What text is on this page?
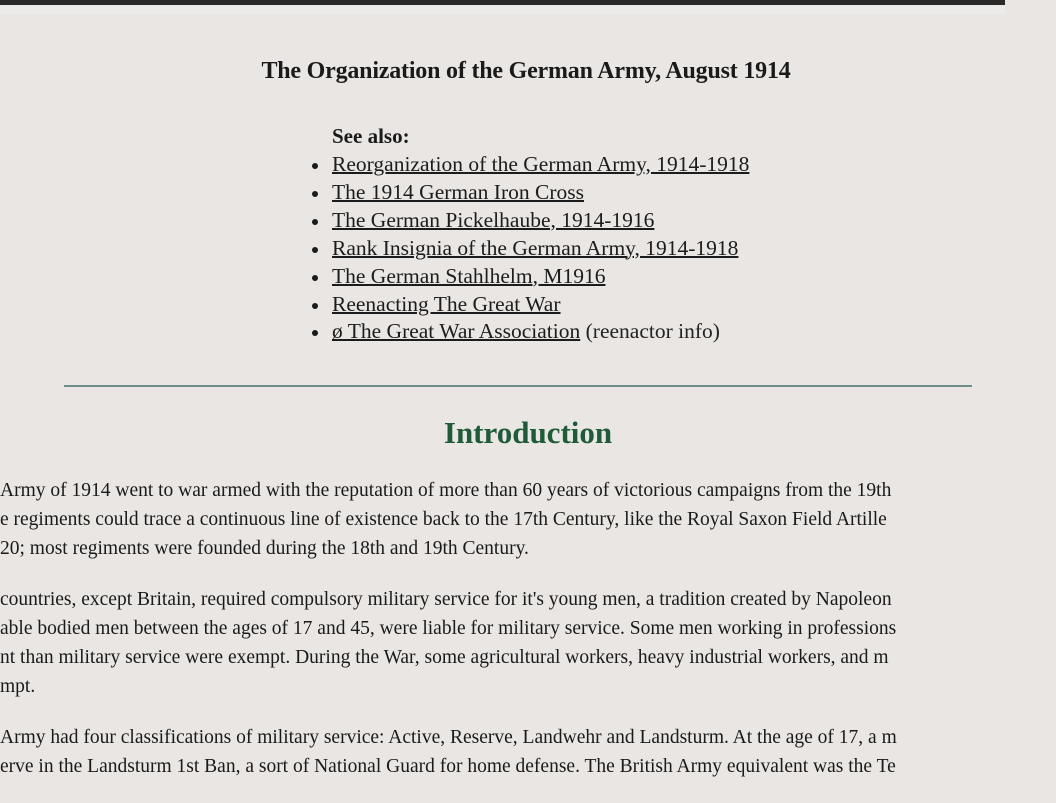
The Organization of the German Army, August 1914
See also:
Reorganization of the German Army, 1914-1918
The 1914 German Iron Cross
The German Pickelhaube, 1914-1916
Rank Insignia of the German Army, 1914-1918
The German Stahlhelm, M1916
Reenacting The Great War
ø The Great War Association (reenactor info)
Introduction

Army of 1914 went to war armed with the reputation of more than 60 years of victorious campaigns from the 19th
e regiments could trace a continuous line of existence back to the 17th Century, like the Royal Saxon Field Artille
20; most regiments were founded during the 18th and 19th Century.

countries, except Britain, required compulsory military service for it's young men, a tradition created by Napoleon
able bodied men between the ages of 17 and 45, were liable for military service. Some men working in professions
nt than military service were exempt. During the War, some agricultural workers, heavy industrial workers, and m
mpt.

Army had four classifications of military service: Active, Reserve, Landwehr and Landsturm. At the age of 17, a m
erve in the Landsturm 1st Ban, a sort of National Guard for home defense. The British Army equivalent was the Te
